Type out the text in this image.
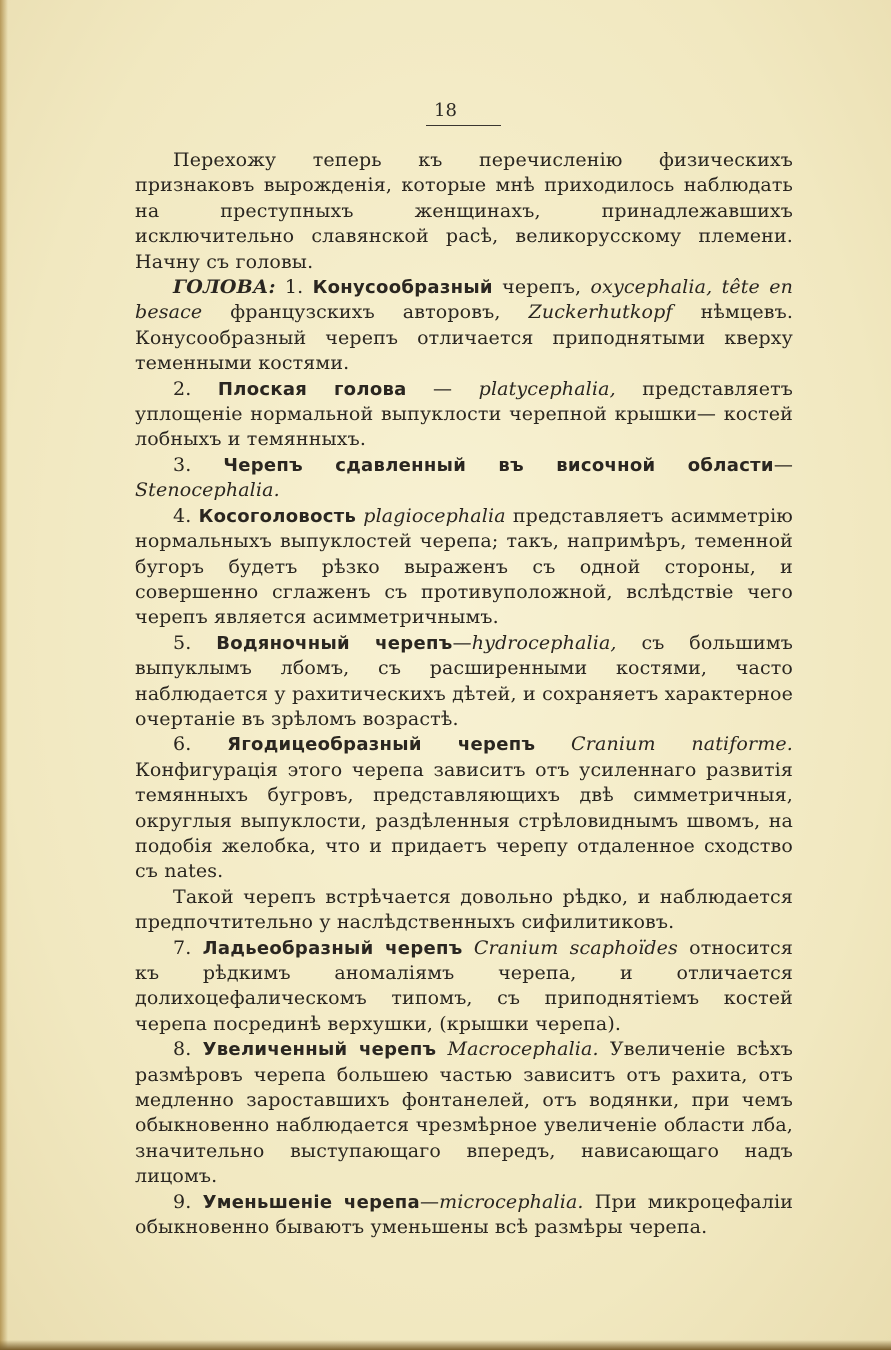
18

Перехожу теперь къ перечисленію физическихъ признаковъ вырожденія, которые мнѣ приходилось наблюдать на преступныхъ женщинахъ, принадлежавшихъ исключительно славянской расѣ, великорусскому племени. Начну съ головы.

ГОЛОВА: 1. Конусообразный черепъ, oxycephalia, tête en besace французскихъ авторовъ, Zuckerhutkopf нѣмцевъ. Конусообразный черепъ отличается приподнятыми кверху теменными костями.

2. Плоская голова — platycephalia, представляетъ уплощеніе нормальной выпуклости черепной крышки— костей лобныхъ и темянныхъ.

3. Черепъ сдавленный въ височной области— Stenocephalia.

4. Косоголовость plagiocephalia представляетъ асимметрію нормальныхъ выпуклостей черепа; такъ, напримѣръ, теменной бугоръ будетъ рѣзко выраженъ съ одной стороны, и совершенно сглаженъ съ противуположной, вслѣдствіе чего черепъ является асимметричнымъ.

5. Водяночный черепъ—hydrocephalia, съ большимъ выпуклымъ лбомъ, съ расширенными костями, часто наблюдается у рахитическихъ дѣтей, и сохраняетъ характерное очертаніе въ зрѣломъ возрастѣ.

6. Ягодицеобразный черепъ Cranium natiforme. Конфигурація этого черепа зависитъ отъ усиленнаго развитія темянныхъ бугровъ, представляющихъ двѣ симметричныя, округлыя выпуклости, раздѣленныя стрѣловиднымъ швомъ, на подобія желобка, что и придаетъ черепу отдаленное сходство съ nates.

Такой черепъ встрѣчается довольно рѣдко, и наблюдается предпочтительно у наслѣдственныхъ сифилитиковъ.

7. Ладьеобразный черепъ Cranium scaphoïdes относится къ рѣдкимъ аномаліямъ черепа, и отличается долихоцефалическомъ типомъ, съ приподнятіемъ костей черепа посрединѣ верхушки, (крышки черепа).

8. Увеличенный черепъ Macrocephalia. Увеличеніе всѣхъ размѣровъ черепа большею частью зависитъ отъ рахита, отъ медленно зароставшихъ фонтанелей, отъ водянки, при чемъ обыкновенно наблюдается чрезмѣрное увеличеніе области лба, значительно выступающаго впередъ, нависающаго надъ лицомъ.

9. Уменьшеніе черепа—microcephalia. При микроцефаліи обыкновенно бываютъ уменьшены всѣ размѣры черепа.
